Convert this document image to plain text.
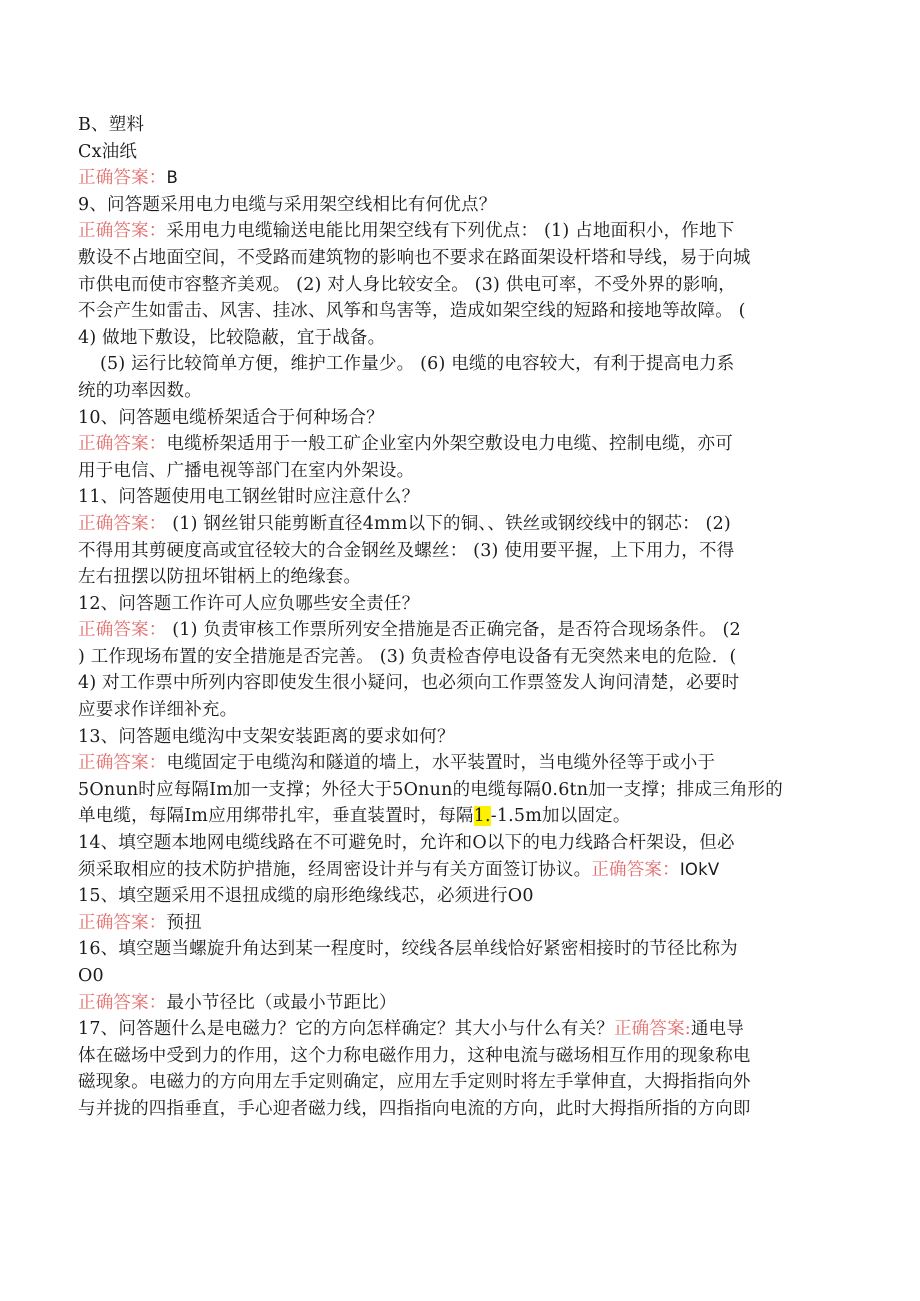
B、塑料
Cx油纸
正确答案：B
9、问答题采用电力电缆与采用架空线相比有何优点？
正确答案：采用电力电缆输送电能比用架空线有下列优点： (1) 占地面积小，作地下
敷设不占地面空间，不受路而建筑物的影响也不要求在路面架设杆塔和导线，易于向城
市供电而使市容整齐美观。 (2) 对人身比较安全。 (3) 供电可率，不受外界的影响，
不会产生如雷击、风害、挂冰、风筝和鸟害等，造成如架空线的短路和接地等故障。 (
4) 做地下敷设，比较隐蔽，宜于战备。
(5) 运行比较简单方便，维护工作量少。 (6) 电缆的电容较大，有利于提高电力系
统的功率因数。
10、问答题电缆桥架适合于何种场合？
正确答案：电缆桥架适用于一般工矿企业室内外架空敷设电力电缆、控制电缆，亦可
用于电信、广播电视等部门在室内外架设。
11、问答题使用电工钢丝钳时应注意什么？
正确答案： (1) 钢丝钳只能剪断直径4mm以下的铜、、铁丝或钢绞线中的钢芯： (2)
不得用其剪硬度高或宜径较大的合金钢丝及螺丝： (3) 使用要平握，上下用力，不得
左右扭摆以防扭坏钳柄上的绝缘套。
12、问答题工作许可人应负哪些安全责任？
正确答案： (1) 负责审核工作票所列安全措施是否正确完备，是否符合现场条件。 (2
) 工作现场布置的安全措施是否完善。 (3) 负责检杳停电设备有无突然来电的危险．(
4) 对工作票中所列内容即使发生很小疑问，也必须向工作票签发人询问清楚，必要时
应要求作详细补充。
13、问答题电缆沟中支架安装距离的要求如何？
正确答案：电缆固定于电缆沟和隧道的墙上，水平装置时，当电缆外径等于或小于
5Onun时应每隔Im加一支撑；外径大于5Onun的电缆每隔0.6tn加一支撑；排成三角形的
单电缆，每隔Im应用绑带扎牢，垂直装置时，每隔1.-1.5m加以固定。
14、填空题本地网电缆线路在不可避免时，允许和O以下的电力线路合杆架设，但必
须采取相应的技术防护措施，经周密设计并与有关方面签订协议。正确答案：IOkV
15、填空题采用不退扭成缆的扇形绝缘线芯，必须进行O0
正确答案：预扭
16、填空题当螺旋升角达到某一程度时，绞线各层单线恰好紧密相接时的节径比称为
O0
正确答案：最小节径比（或最小节距比）
17、问答题什么是电磁力？它的方向怎样确定？其大小与什么有关？正确答案:通电导
体在磁场中受到力的作用，这个力称电磁作用力，这种电流与磁场相互作用的现象称电
磁现象。电磁力的方向用左手定则确定，应用左手定则时将左手掌伸直，大拇指指向外
与并拢的四指垂直，手心迎者磁力线，四指指向电流的方向，此时大拇指所指的方向即
